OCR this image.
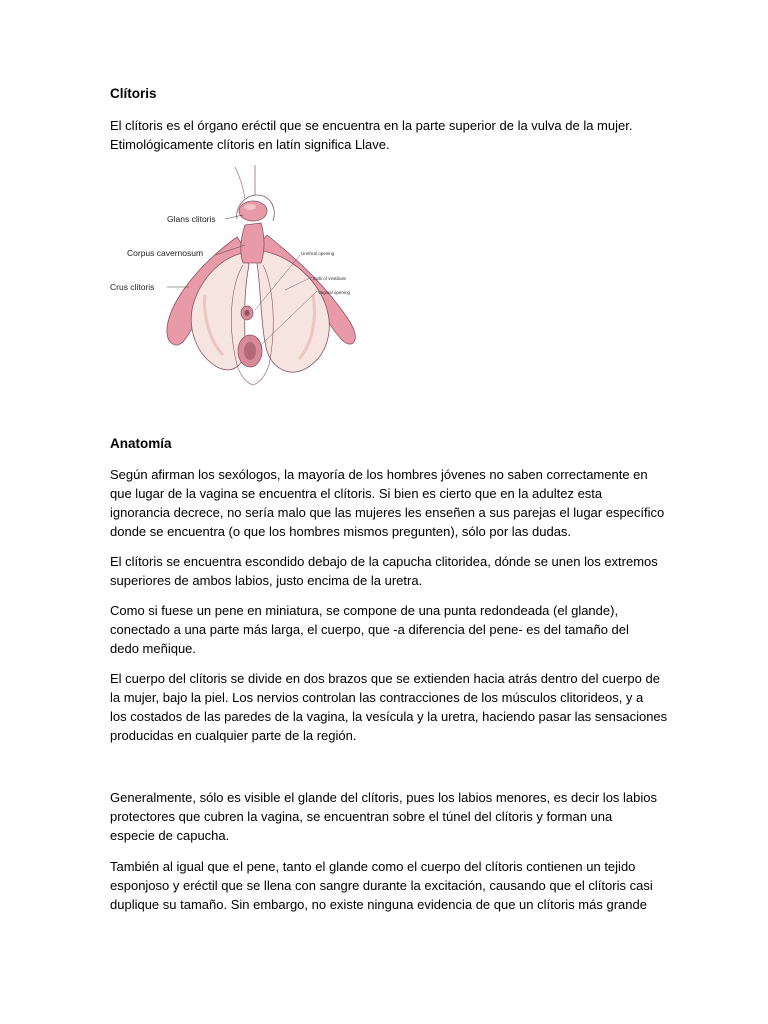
Clítoris

El clítoris es el órgano eréctil que se encuentra en la parte superior de la vulva de la mujer.
Etimológicamente clítoris en latín significa Llave.

Glans clitoris
Corpus cavernosum
Crus clitoris
Urethral opening
Bulb of vestibule
Vaginal opening
Anatomía

Según afirman los sexólogos, la mayoría de los hombres jóvenes no saben correctamente en
que lugar de la vagina se encuentra el clítoris. Si bien es cierto que en la adultez esta
ignorancia decrece, no sería malo que las mujeres les enseñen a sus parejas el lugar específico
donde se encuentra (o que los hombres mismos pregunten), sólo por las dudas.

El clítoris se encuentra escondido debajo de la capucha clitoridea, dónde se unen los extremos
superiores de ambos labios, justo encima de la uretra.

Como si fuese un pene en miniatura, se compone de una punta redondeada (el glande),
conectado a una parte más larga, el cuerpo, que -a diferencia del pene- es del tamaño del
dedo meñique.

El cuerpo del clítoris se divide en dos brazos que se extienden hacia atrás dentro del cuerpo de
la mujer, bajo la piel. Los nervios controlan las contracciones de los músculos clitorideos, y a
los costados de las paredes de la vagina, la vesícula y la uretra, haciendo pasar las sensaciones
producidas en cualquier parte de la región.

Generalmente, sólo es visible el glande del clítoris, pues los labios menores, es decir los labios
protectores que cubren la vagina, se encuentran sobre el túnel del clítoris y forman una
especie de capucha.

También al igual que el pene, tanto el glande como el cuerpo del clítoris contienen un tejido
esponjoso y eréctil que se llena con sangre durante la excitación, causando que el clítoris casi
duplique su tamaño. Sin embargo, no existe ninguna evidencia de que un clítoris más grande
